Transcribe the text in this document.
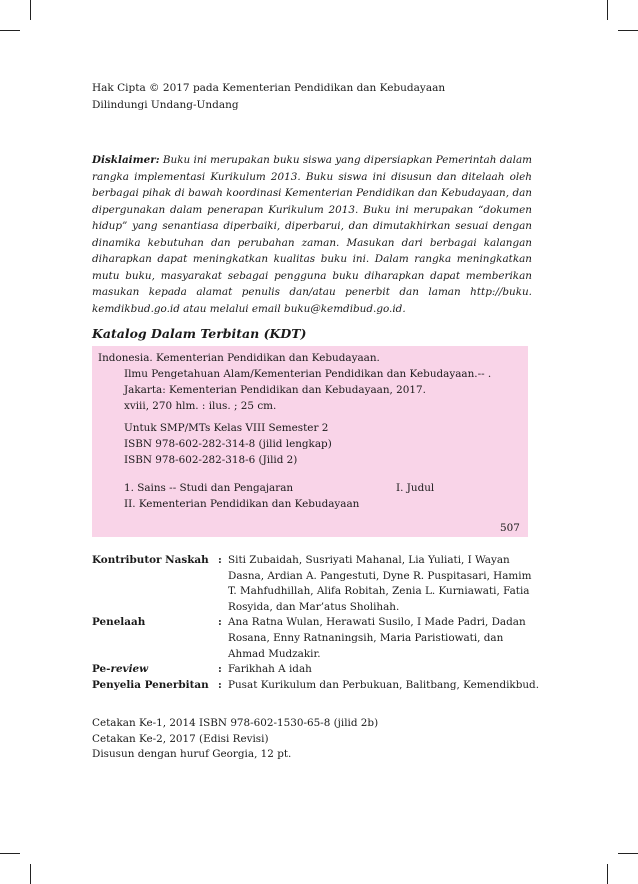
Hak Cipta © 2017 pada Kementerian Pendidikan dan Kebudayaan
Dilindungi Undang-Undang
Disklaimer: Buku ini merupakan buku siswa yang dipersiapkan Pemerintah dalam rangka implementasi Kurikulum 2013. Buku siswa ini disusun dan ditelaah oleh berbagai pihak di bawah koordinasi Kementerian Pendidikan dan Kebudayaan, dan dipergunakan dalam penerapan Kurikulum 2013. Buku ini merupakan “dokumen hidup” yang senantiasa diperbaiki, diperbarui, dan dimutakhirkan sesuai dengan dinamika kebutuhan dan perubahan zaman. Masukan dari berbagai kalangan diharapkan dapat meningkatkan kualitas buku ini. Dalam rangka meningkatkan mutu buku, masyarakat sebagai pengguna buku diharapkan dapat memberikan masukan kepada alamat penulis dan/atau penerbit dan laman http://buku. kemdikbud.go.id atau melalui email buku@kemdibud.go.id.
Katalog Dalam Terbitan (KDT)
Indonesia. Kementerian Pendidikan dan Kebudayaan.
Ilmu Pengetahuan Alam/Kementerian Pendidikan dan Kebudayaan.-- .
Jakarta: Kementerian Pendidikan dan Kebudayaan, 2017.
xviii, 270 hlm. : ilus. ; 25 cm.
Untuk SMP/MTs Kelas VIII Semester 2
ISBN 978-602-282-314-8 (jilid lengkap)
ISBN 978-602-282-318-6 (Jilid 2)
1. Sains -- Studi dan Pengajaran	I. Judul
II. Kementerian Pendidikan dan Kebudayaan
507
Kontributor Naskah : Siti Zubaidah, Susriyati Mahanal, Lia Yuliati, I Wayan Dasna, Ardian A. Pangestuti, Dyne R. Puspitasari, Hamim T. Mahfudhillah, Alifa Robitah, Zenia L. Kurniawati, Fatia Rosyida, dan Mar’atus Sholihah.
Penelaah	: Ana Ratna Wulan, Herawati Susilo, I Made Padri, Dadan Rosana, Enny Ratnaningsih, Maria Paristiowati, dan Ahmad Mudzakir.
Pe-review	: Farikhah A idah
Penyelia Penerbitan : Pusat Kurikulum dan Perbukuan, Balitbang, Kemendikbud.
Cetakan Ke-1, 2014 ISBN 978-602-1530-65-8 (jilid 2b)
Cetakan Ke-2, 2017 (Edisi Revisi)
Disusun dengan huruf Georgia, 12 pt.
